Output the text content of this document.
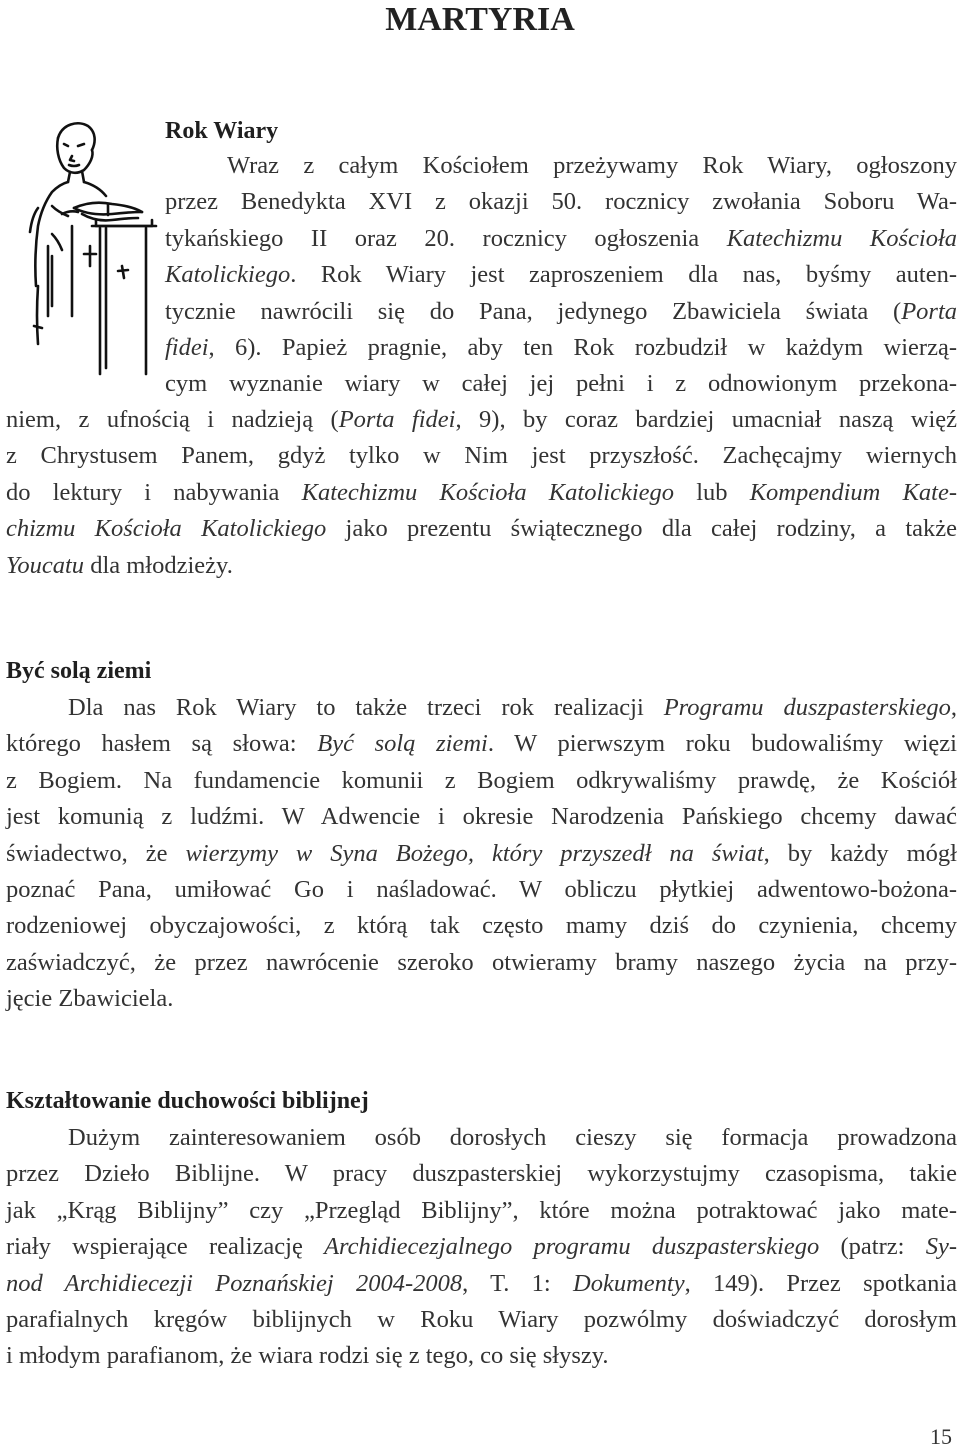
MARTYRIA
Rok Wiary
Wraz z całym Kościołem przeżywamy Rok Wiary, ogłoszony
przez Benedykta XVI z okazji 50. rocznicy zwołania Soboru Wa-
tykańskiego II oraz 20. rocznicy ogłoszenia Katechizmu Kościoła
Katolickiego. Rok Wiary jest zaproszeniem dla nas, byśmy auten-
tycznie nawrócili się do Pana, jedynego Zbawiciela świata (Porta
fidei, 6). Papież pragnie, aby ten Rok rozbudził w każdym wierzą-
cym wyznanie wiary w całej jej pełni i z odnowionym przekona-
niem, z ufnością i nadzieją (Porta fidei, 9), by coraz bardziej umacniał naszą więź
z Chrystusem Panem, gdyż tylko w Nim jest przyszłość. Zachęcajmy wiernych
do lektury i nabywania Katechizmu Kościoła Katolickiego lub Kompendium Kate-
chizmu Kościoła Katolickiego jako prezentu świątecznego dla całej rodziny, a także
Youcatu dla młodzieży.
Być solą ziemi
Dla nas Rok Wiary to także trzeci rok realizacji Programu duszpasterskiego,
którego hasłem są słowa: Być solą ziemi. W pierwszym roku budowaliśmy więzi
z Bogiem. Na fundamencie komunii z Bogiem odkrywaliśmy prawdę, że Kościół
jest komunią z ludźmi. W Adwencie i okresie Narodzenia Pańskiego chcemy dawać
świadectwo, że wierzymy w Syna Bożego, który przyszedł na świat, by każdy mógł
poznać Pana, umiłować Go i naśladować. W obliczu płytkiej adwentowo-bożona-
rodzeniowej obyczajowości, z którą tak często mamy dziś do czynienia, chcemy
zaświadczyć, że przez nawrócenie szeroko otwieramy bramy naszego życia na przy-
jęcie Zbawiciela.
Kształtowanie duchowości biblijnej
Dużym zainteresowaniem osób dorosłych cieszy się formacja prowadzona
przez Dzieło Biblijne. W pracy duszpasterskiej wykorzystujmy czasopisma, takie
jak „Krąg Biblijny” czy „Przegląd Biblijny”, które można potraktować jako mate-
riały wspierające realizację Archidiecezjalnego programu duszpasterskiego (patrz: Sy-
nod Archidiecezji Poznańskiej 2004-2008, T. 1: Dokumenty, 149). Przez spotkania
parafialnych kręgów biblijnych w Roku Wiary pozwólmy doświadczyć dorosłym
i młodym parafianom, że wiara rodzi się z tego, co się słyszy.
15
